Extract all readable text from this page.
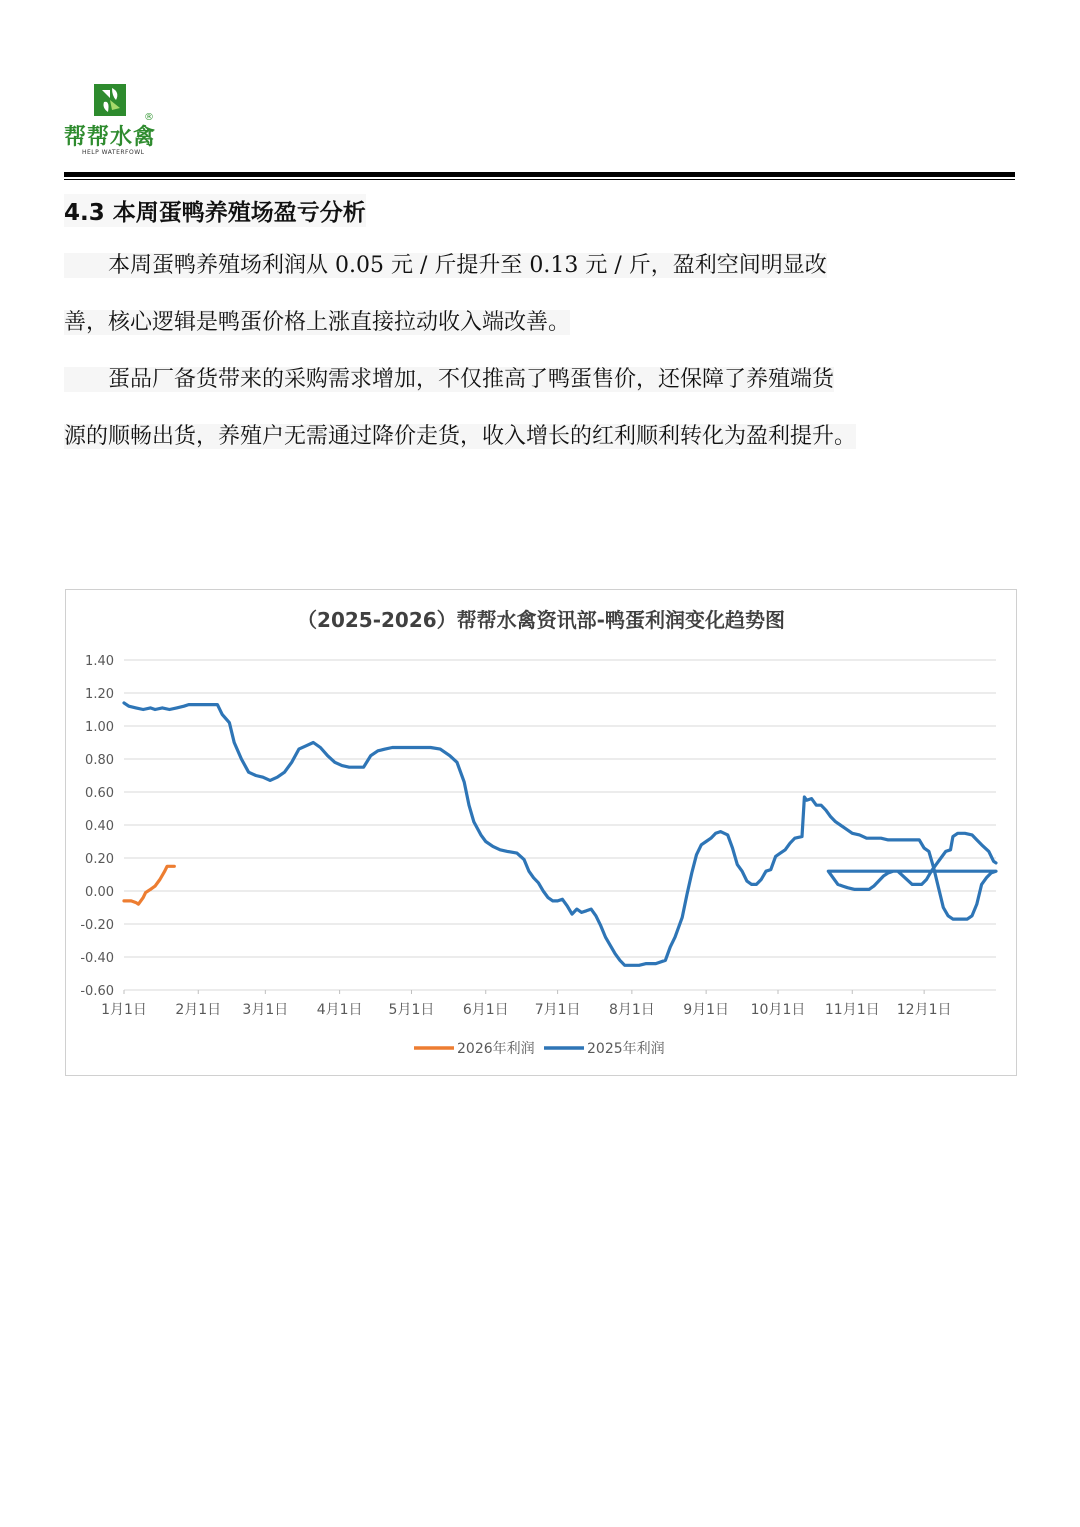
®
帮帮水禽
HELP WATERFOWL
4.3 本周蛋鸭养殖场盈亏分析
　　本周蛋鸭养殖场利润从 0.05 元 / 斤提升至 0.13 元 / 斤，盈利空间明显改
善，核心逻辑是鸭蛋价格上涨直接拉动收入端改善。
　　蛋品厂备货带来的采购需求增加，不仅推高了鸭蛋售价，还保障了养殖端货
源的顺畅出货，养殖户无需通过降价走货，收入增长的红利顺利转化为盈利提升。
（2025-2026）帮帮水禽资讯部-鸭蛋利润变化趋势图
1.40
1.20
1.00
0.80
0.60
0.40
0.20
0.00
-0.20
-0.40
-0.60
1月1日 2月1日 3月1日 4月1日 5月1日 6月1日 7月1日 8月1日 9月1日 10月1日 11月1日 12月1日
2026年利润	2025年利润
